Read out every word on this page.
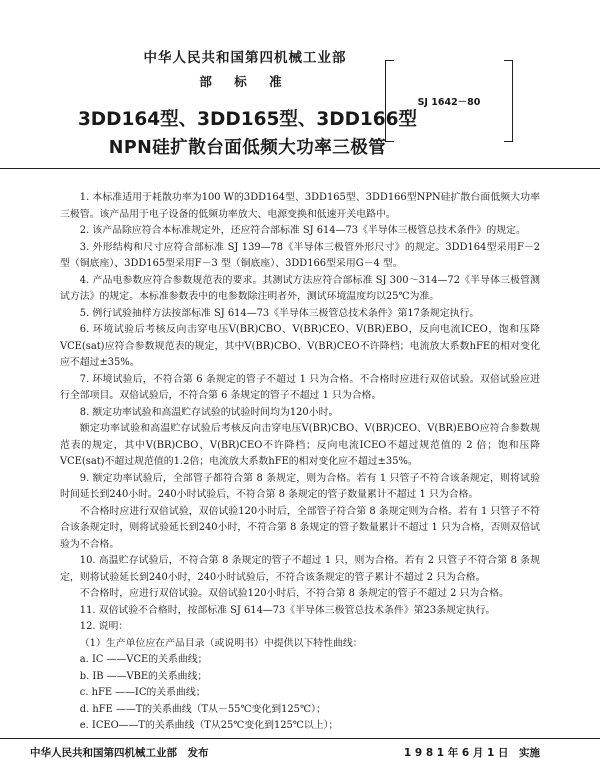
中华人民共和国第四机械工业部
部 标 准
SJ 1642－80
3DD164型、3DD165型、3DD166型
NPN硅扩散台面低频大功率三极管

1. 本标准适用于耗散功率为100 W的3DD164型、3DD165型、3DD166型NPN硅扩散台面低频大功率三极管。该产品用于电子设备的低频功率放大、电源变换和低速开关电路中。

2. 该产品除应符合本标准规定外，还应符合部标准 SJ 614—73《半导体三极管总技术条件》的规定。

3. 外形结构和尺寸应符合部标准 SJ 139—78《半导体三极管外形尺寸》的规定。3DD164型采用F－2 型（铜底座）、3DD165型采用F－3 型（铜底座）、3DD166型采用G－4 型。

4. 产品电参数应符合参数规范表的要求。其测试方法应符合部标准 SJ 300～314—72《半导体三极管测试方法》的规定。本标准参数表中的电参数除注明者外，测试环境温度均以25℃为准。

5. 例行试验抽样方法按部标准 SJ 614—73《半导体三极管总技术条件》第17条规定执行。

6. 环境试验后考核反向击穿电压V(BR)CBO、V(BR)CEO、V(BR)EBO，反向电流ICEO，饱和压降VCE(sat)应符合参数规范表的规定，其中V(BR)CBO、V(BR)CEO不许降档；电流放大系数hFE的相对变化应不超过±35%。

7. 环境试验后，不符合第 6 条规定的管子不超过 1 只为合格。不合格时应进行双倍试验。双倍试验应进行全部项目。双倍试验后，不符合第 6 条规定的管子不超过 1 只为合格。

8. 额定功率试验和高温贮存试验的试验时间均为120小时。

额定功率试验和高温贮存试验后考核反向击穿电压V(BR)CBO、V(BR)CEO、V(BR)EBO应符合参数规范表的规定，其中V(BR)CBO、V(BR)CEO不许降档；反向电流ICEO不超过规范值的 2 倍；饱和压降VCE(sat)不超过规范值的1.2倍；电流放大系数hFE的相对变化应不超过±35%。

9. 额定功率试验后，全部管子都符合第 8 条规定，则为合格。若有 1 只管子不符合该条规定，则将试验时间延长到240小时。240小时试验后，不符合第 8 条规定的管子数量累计不超过 1 只为合格。

不合格时应进行双倍试验，双倍试验120小时后，全部管子符合第 8 条规定则为合格。若有 1 只管子不符合该条规定时，则将试验延长到240小时，不符合第 8 条规定的管子数量累计不超过 1 只为合格，否则双倍试验为不合格。

10. 高温贮存试验后，不符合第 8 条规定的管子不超过 1 只，则为合格。若有 2 只管子不符合第 8 条规定，则将试验延长到240小时，240小时试验后，不符合该条规定的管子累计不超过 2 只为合格。

不合格时，应进行双倍试验。双倍试验120小时后，不符合第 8 条规定的管子不超过 2 只为合格。

11. 双倍试验不合格时，按部标准 SJ 614—73《半导体三极管总技术条件》第23条规定执行。

12. 说明：

（1）生产单位应在产品目录（或说明书）中提供以下特性曲线：

a. IC ——VCE的关系曲线；

b. IB ——VBE的关系曲线；

c. hFE ——IC的关系曲线；

d. hFE ——T的关系曲线（T从－55℃变化到125℃）；

e. ICEO——T的关系曲线（T从25℃变化到125℃以上）；

中华人民共和国第四机械工业部　发布	1 9 8 1 年 6 月 1 日　实施
